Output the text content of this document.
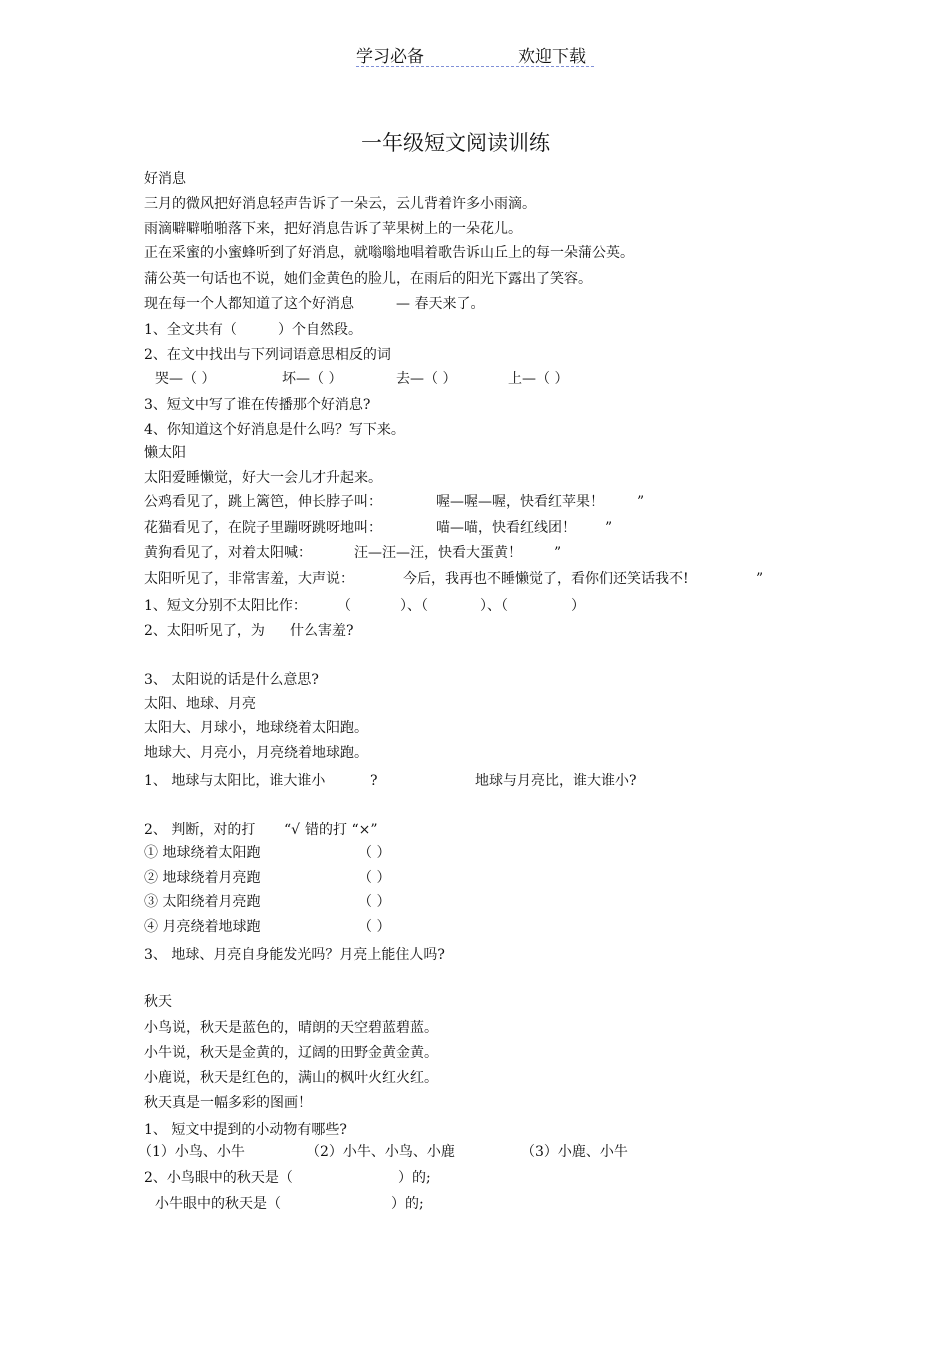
学习必备	欢迎下载
一年级短文阅读训练
好消息
三月的微风把好消息轻声告诉了一朵云，云儿背着许多小雨滴。
雨滴噼噼啪啪落下来，把好消息告诉了苹果树上的一朵花儿。
正在采蜜的小蜜蜂听到了好消息，就嗡嗡地唱着歌告诉山丘上的每一朵蒲公英。
蒲公英一句话也不说，她们金黄色的脸儿，在雨后的阳光下露出了笑容。
现在每一个人都知道了这个好消息	— 春天来了。
1、全文共有（	）个自然段。
2、在文中找出与下列词语意思相反的词
哭—（ ）	坏—（ ）	去—（ ）	上—（ ）
3、短文中写了谁在传播那个好消息?
4、你知道这个好消息是什么吗？写下来。
懒太阳
太阳爱睡懒觉，好大一会儿才升起来。
公鸡看见了，跳上篱笆，伸长脖子叫：	喔—喔—喔，快看红苹果！ ”
花猫看见了，在院子里蹦呀跳呀地叫：	喵—喵，快看红线团！ ”
黄狗看见了，对着太阳喊：	汪—汪—汪，快看大蛋黄！ ”
太阳听见了，非常害羞，大声说：	今后，我再也不睡懒觉了，看你们还笑话我不!	”
1、短文分别不太阳比作： （	）、（	）、（	）
2、太阳听见了，为 什么害羞?
3、 太阳说的话是什么意思?
太阳、地球、月亮
太阳大、月球小，地球绕着太阳跑。
地球大、月亮小，月亮绕着地球跑。
1、 地球与太阳比，谁大谁小	?	地球与月亮比，谁大谁小?
2、 判断，对的打 “√ 错的打 “×”
① 地球绕着太阳跑	（ ）
② 地球绕着月亮跑	（ ）
③ 太阳绕着月亮跑	（ ）
④ 月亮绕着地球跑	（ ）
3、 地球、月亮自身能发光吗？月亮上能住人吗?
秋天
小鸟说，秋天是蓝色的，晴朗的天空碧蓝碧蓝。
小牛说，秋天是金黄的，辽阔的田野金黄金黄。
小鹿说，秋天是红色的，满山的枫叶火红火红。
秋天真是一幅多彩的图画！
1、 短文中提到的小动物有哪些?
（1）小鸟、小牛	（2）小牛、小鸟、小鹿	（3）小鹿、小牛
2、小鸟眼中的秋天是（	）的;
小牛眼中的秋天是（	）的;
